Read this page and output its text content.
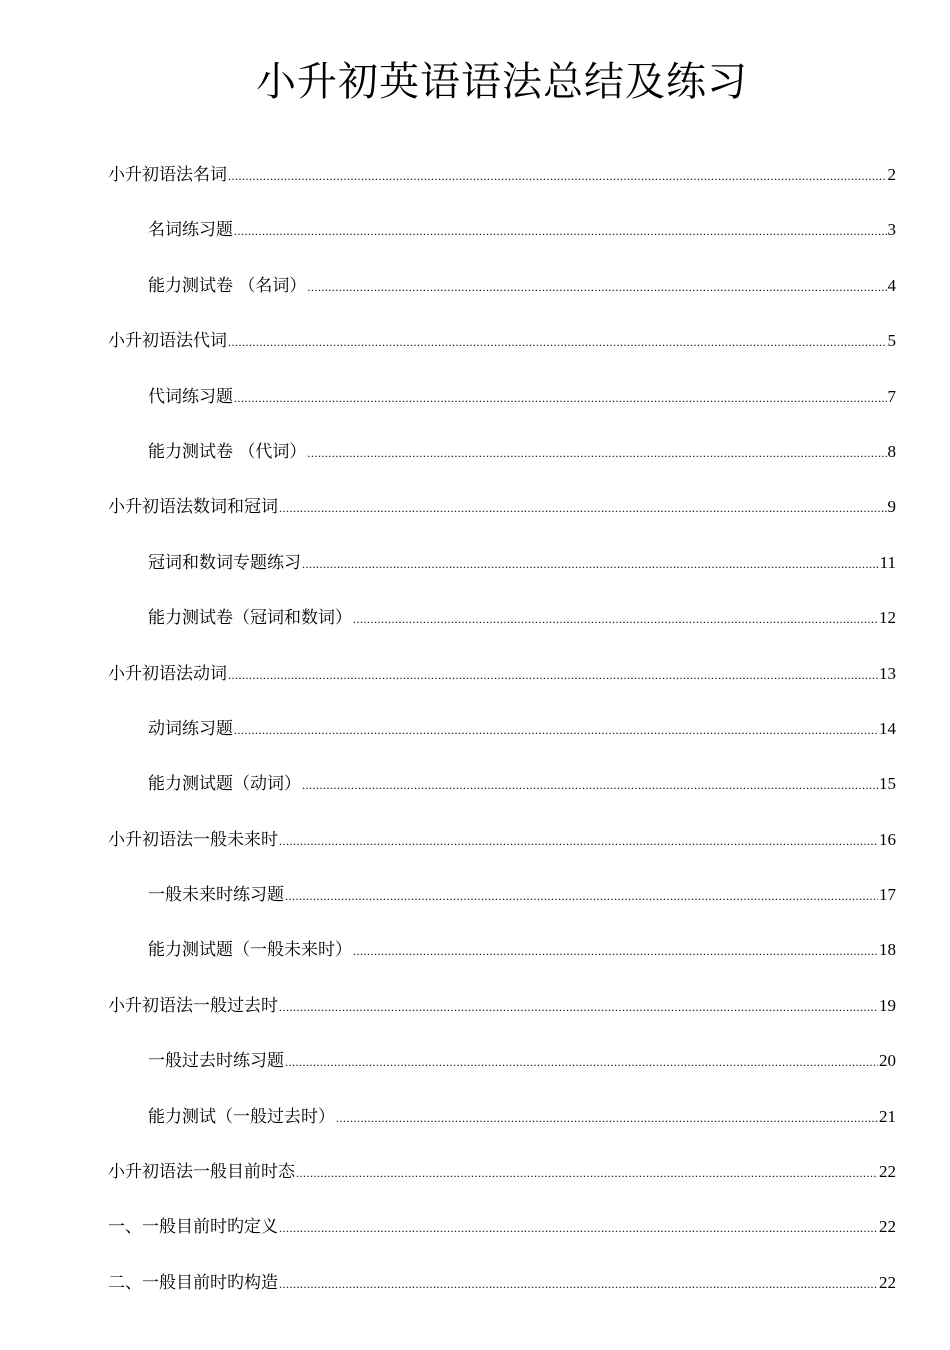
小升初英语语法总结及练习
小升初语法名词 .....	2
名词练习题 .....	3
能力测试卷 （名词） .....	4
小升初语法代词 .....	5
代词练习题 .....	7
能力测试卷 （代词） .....	8
小升初语法数词和冠词 .....	9
冠词和数词专题练习 .....	11
能力测试卷（冠词和数词） .....	12
小升初语法动词 .....	13
动词练习题 .....	14
能力测试题（动词） .....	15
小升初语法一般未来时 .....	16
一般未来时练习题 .....	17
能力测试题（一般未来时） .....	18
小升初语法一般过去时 .....	19
一般过去时练习题 .....	20
能力测试（一般过去时） .....	21
小升初语法一般目前时态 .....	22
一、一般目前时旳定义 .....	22
二、一般目前时旳构造 .....	22
